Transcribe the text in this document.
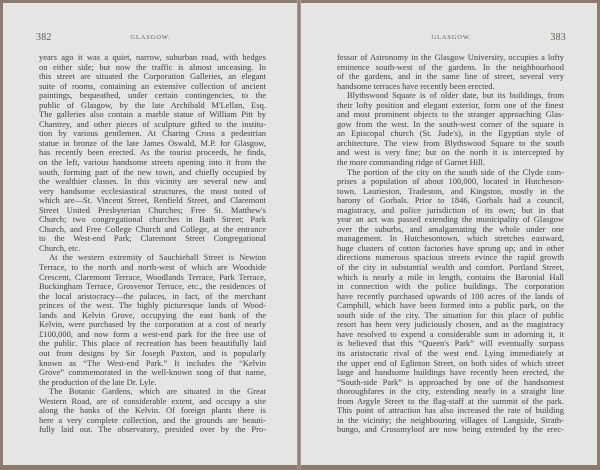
382	GLASGOW.
years ago it was a quiet, narrow, suburban road, with hedges
on either side; but now the traffic is almost unceasing. In
this street are situated the Corporation Galleries, an elegant
suite of rooms, containing an extensive collection of ancient
paintings, bequeathed, under certain contingencies, to the
public of Glasgow, by the late Archibald M'Lellan, Esq.
The galleries also contain a marble statue of William Pitt by
Chantrey, and other pieces of sculpture gifted to the institu-
tion by various gentlemen. At Charing Cross a pedestrian
statue in bronze of the late James Oswald, M.P. for Glasgow,
has recently been erected. As the tourist proceeds, he finds,
on the left, various handsome streets opening into it from the
south, forming part of the new town, and chiefly occupied by
the wealthier classes. In this vicinity are several new and
very handsome ecclesiastical structures, the most noted of
which are—St. Vincent Street, Renfield Street, and Claremont
Street United Presbyterian Churches; Free St. Matthew's
Church; two congregational churches in Bath Street; Park
Church, and Free College Church and College, at the entrance
to the West-end Park; Claremont Street Congregational
Church, etc.
At the western extremity of Sauchiehall Street is Newton
Terrace, to the north and north-west of which are Woodside
Crescent, Claremont Terrace, Woodlands Terrace, Park Terrace,
Buckingham Terrace, Grosvenor Terrace, etc., the residences of
the local aristocracy—the palaces, in fact, of the merchant
princes of the west. The highly picturesque lands of Wood-
lands and Kelvin Grove, occupying the east bank of the
Kelvin, were purchased by the corporation at a cost of nearly
£100,000, and now form a west-end park for the free use of
the public. This place of recreation has been beautifully laid
out from designs by Sir Joseph Paxton, and is popularly
known as “The West-end Park.” It includes the “Kelvin
Grove” commemorated in the well-known song of that name,
the production of the late Dr. Lyle.
The Botanic Gardens, which are situated in the Great
Western Road, are of considerable extent, and occupy a site
along the banks of the Kelvin. Of foreign plants there is
here a very complete collection, and the grounds are beauti-
fully laid out. The observatory, presided over by the Pro-
GLASGOW.	383
fessor of Astronomy in the Glasgow University, occupies a lofty
eminence south-west of the gardens. In the neighbourhood
of the gardens, and in the same line of street, several very
handsome terraces have recently been erected.
Blythswood Square is of older date, but its buildings, from
their lofty position and elegant exterior, form one of the finest
and most prominent objects to the stranger approaching Glas-
gow from the west. In the south-west corner of the square is
an Episcopal church (St. Jude's), in the Egyptian style of
architecture. The view from Blythswood Square to the south
and west is very fine; but on the north it is intercepted by
the more commanding ridge of Garnet Hill.
The portion of the city on the south side of the Clyde com-
prises a population of about 100,000, located in Hutcheson-
town, Laurieston, Tradeston, and Kingston, mostly in the
barony of Gorbals. Prior to 1846, Gorbals had a council,
magistracy, and police jurisdiction of its own; but in that
year an act was passed extending the municipality of Glasgow
over the suburbs, and amalgamating the whole under one
management. In Hutchesontown, which stretches eastward,
huge clusters of cotton factories have sprung up; and in other
directions numerous spacious streets evince the rapid growth
of the city in substantial wealth and comfort. Portland Street,
which is nearly a mile in length, contains the Baronial Hall
in connection with the police buildings. The corporation
have recently purchased upwards of 100 acres of the lands of
Camphill, which have been formed into a public park, on the
south side of the city. The situation for this place of public
resort has been very judiciously chosen, and as the magistracy
have resolved to expend a considerable sum in adorning it, it
is believed that this “Queen's Park” will eventually surpass
its aristocratic rival of the west end. Lying immediately at
the upper end of Eglinton Street, on both sides of which street
large and handsome buildings have recently been erected, the
“South-side Park” is approached by one of the handsomest
thoroughfares in the city, extending nearly in a straight line
from Argyle Street to the flag-staff at the summit of the park.
This point of attraction has also increased the rate of building
in the vicinity; the neighbouring villages of Langside, Strath-
bungo, and Crossmyloof are now being extended by the erec-
